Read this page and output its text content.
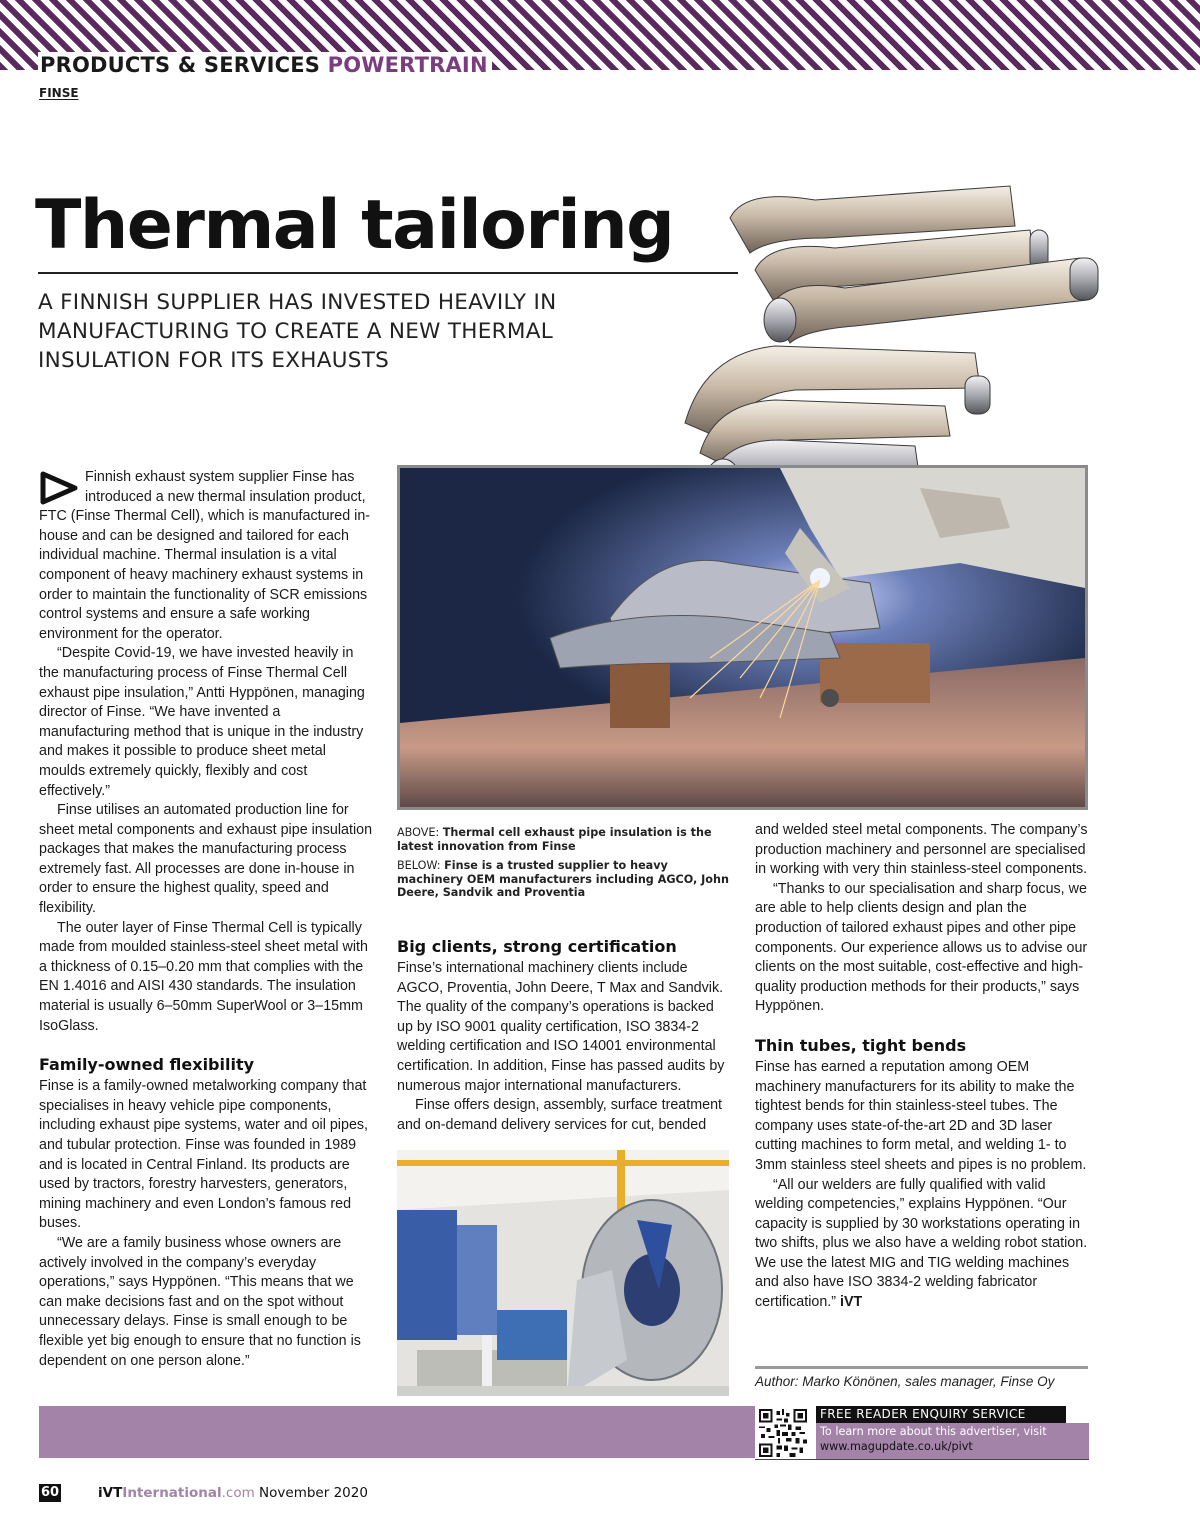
PRODUCTS & SERVICES POWERTRAIN
FINSE
Thermal tailoring
A FINNISH SUPPLIER HAS INVESTED HEAVILY IN MANUFACTURING TO CREATE A NEW THERMAL INSULATION FOR ITS EXHAUSTS

Finnish exhaust system supplier Finse has introduced a new thermal insulation product, FTC (Finse Thermal Cell), which is manufactured in-house and can be designed and tailored for each individual machine. Thermal insulation is a vital component of heavy machinery exhaust systems in order to maintain the functionality of SCR emissions control systems and ensure a safe working environment for the operator.

“Despite Covid-19, we have invested heavily in the manufacturing process of Finse Thermal Cell exhaust pipe insulation,” Antti Hyppönen, managing director of Finse. “We have invented a manufacturing method that is unique in the industry and makes it possible to produce sheet metal moulds extremely quickly, flexibly and cost effectively.”

Finse utilises an automated production line for sheet metal components and exhaust pipe insulation packages that makes the manufacturing process extremely fast. All processes are done in-house in order to ensure the highest quality, speed and flexibility.

The outer layer of Finse Thermal Cell is typically made from moulded stainless-steel sheet metal with a thickness of 0.15–0.20 mm that complies with the EN 1.4016 and AISI 430 standards. The insulation material is usually 6–50mm SuperWool or 3–15mm IsoGlass.

Family-owned flexibility

Finse is a family-owned metalworking company that specialises in heavy vehicle pipe components, including exhaust pipe systems, water and oil pipes, and tubular protection. Finse was founded in 1989 and is located in Central Finland. Its products are used by tractors, forestry harvesters, generators, mining machinery and even London’s famous red buses.

“We are a family business whose owners are actively involved in the company’s everyday operations,” says Hyppönen. “This means that we can make decisions fast and on the spot without unnecessary delays. Finse is small enough to be flexible yet big enough to ensure that no function is dependent on one person alone.”

ABOVE: Thermal cell exhaust pipe insulation is the latest innovation from Finse

BELOW: Finse is a trusted supplier to heavy machinery OEM manufacturers including AGCO, John Deere, Sandvik and Proventia

Big clients, strong certification

Finse’s international machinery clients include AGCO, Proventia, John Deere, T Max and Sandvik. The quality of the company’s operations is backed up by ISO 9001 quality certification, ISO 3834-2 welding certification and ISO 14001 environmental certification. In addition, Finse has passed audits by numerous major international manufacturers.

Finse offers design, assembly, surface treatment and on-demand delivery services for cut, bended

and welded steel metal components. The company’s production machinery and personnel are specialised in working with very thin stainless-steel components.

“Thanks to our specialisation and sharp focus, we are able to help clients design and plan the production of tailored exhaust pipes and other pipe components. Our experience allows us to advise our clients on the most suitable, cost-effective and high-quality production methods for their products,” says Hyppönen.

Thin tubes, tight bends

Finse has earned a reputation among OEM machinery manufacturers for its ability to make the tightest bends for thin stainless-steel tubes. The company uses state-of-the-art 2D and 3D laser cutting machines to form metal, and welding 1- to 3mm stainless steel sheets and pipes is no problem.

“All our welders are fully qualified with valid welding competencies,” explains Hyppönen. “Our capacity is supplied by 30 workstations operating in two shifts, plus we also have a welding robot station. We use the latest MIG and TIG welding machines and also have ISO 3834-2 welding fabricator certification.” iVT

Author: Marko Könönen, sales manager, Finse Oy
FREE READER ENQUIRY SERVICE
To learn more about this advertiser, visit
www.magupdate.co.uk/pivt
60	iVTInternational.com November 2020
